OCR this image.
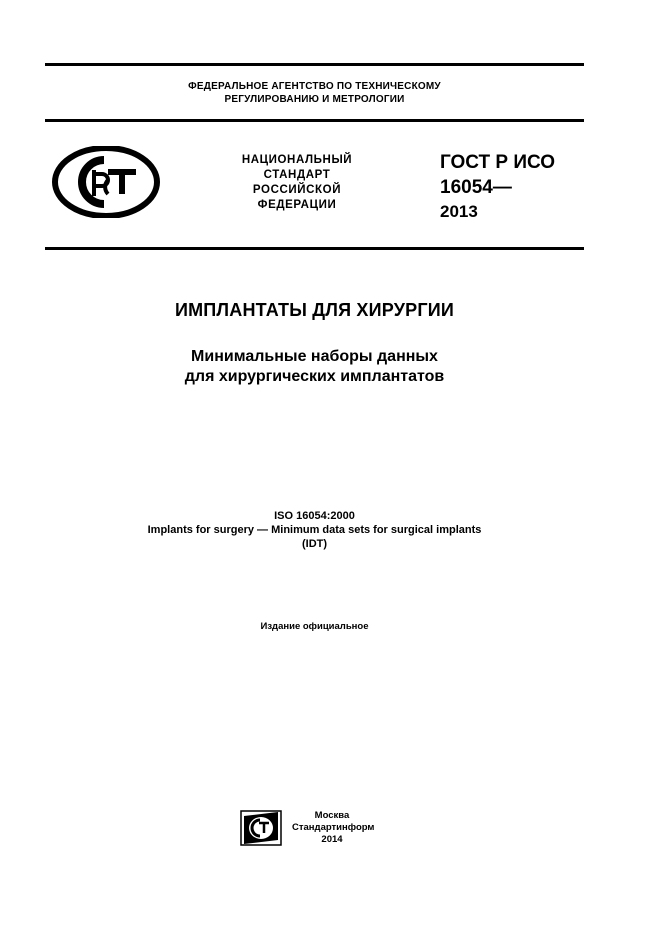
ФЕДЕРАЛЬНОЕ АГЕНТСТВО ПО ТЕХНИЧЕСКОМУ
РЕГУЛИРОВАНИЮ И МЕТРОЛОГИИ
НАЦИОНАЛЬНЫЙ
СТАНДАРТ
РОССИЙСКОЙ
ФЕДЕРАЦИИ
ГОСТ Р ИСО
16054—
2013
ИМПЛАНТАТЫ ДЛЯ ХИРУРГИИ
Минимальные наборы данных
для хирургических имплантатов
ISO 16054:2000
Implants for surgery — Minimum data sets for surgical implants
(IDT)
Издание официальное
Москва
Стандартинформ
2014
